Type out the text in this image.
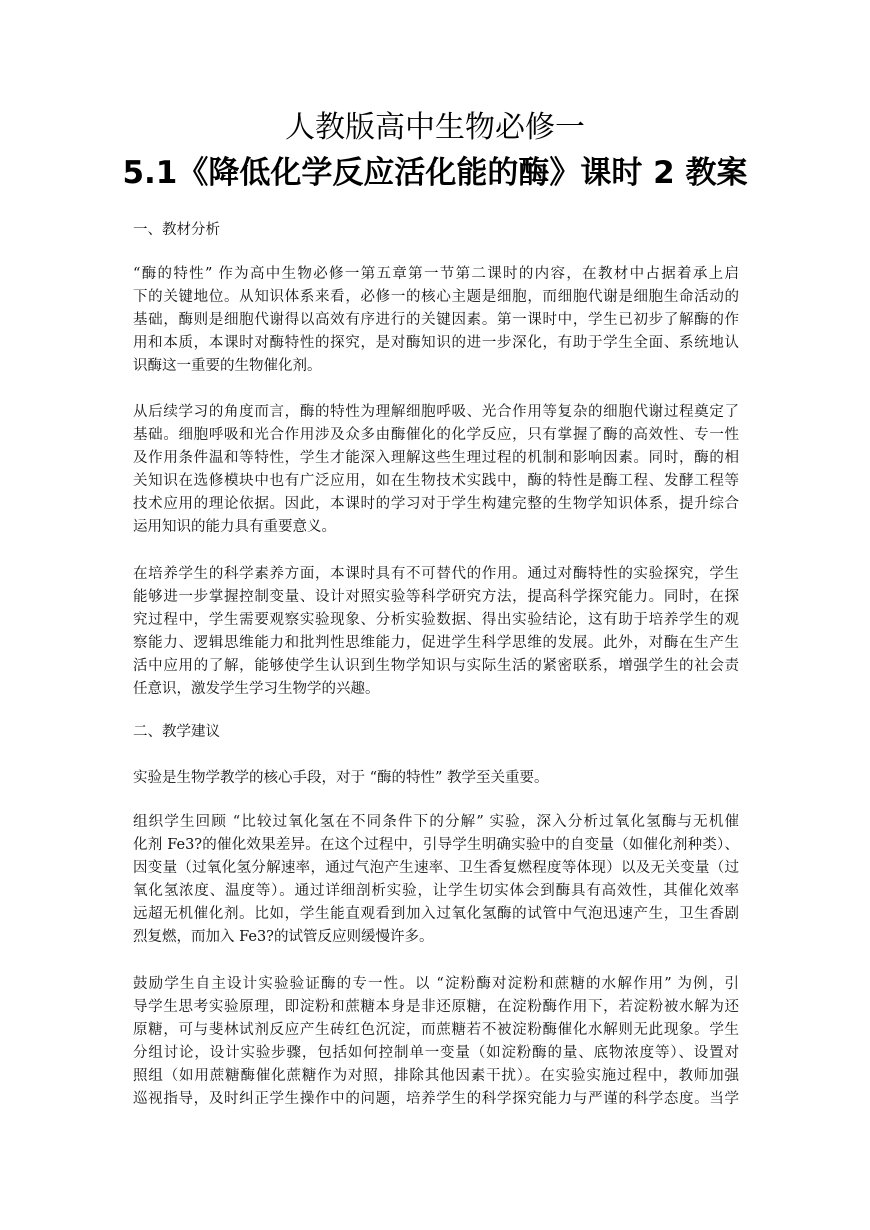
人教版高中生物必修一
5.1《降低化学反应活化能的酶》课时 2 教案
一、教材分析
“酶的特性” 作为高中生物必修一第五章第一节第二课时的内容，在教材中占据着承上启
下的关键地位。从知识体系来看，必修一的核心主题是细胞，而细胞代谢是细胞生命活动的
基础，酶则是细胞代谢得以高效有序进行的关键因素。第一课时中，学生已初步了解酶的作
用和本质，本课时对酶特性的探究，是对酶知识的进一步深化，有助于学生全面、系统地认
识酶这一重要的生物催化剂。
从后续学习的角度而言，酶的特性为理解细胞呼吸、光合作用等复杂的细胞代谢过程奠定了
基础。细胞呼吸和光合作用涉及众多由酶催化的化学反应，只有掌握了酶的高效性、专一性
及作用条件温和等特性，学生才能深入理解这些生理过程的机制和影响因素。同时，酶的相
关知识在选修模块中也有广泛应用，如在生物技术实践中，酶的特性是酶工程、发酵工程等
技术应用的理论依据。因此，本课时的学习对于学生构建完整的生物学知识体系，提升综合
运用知识的能力具有重要意义。
在培养学生的科学素养方面，本课时具有不可替代的作用。通过对酶特性的实验探究，学生
能够进一步掌握控制变量、设计对照实验等科学研究方法，提高科学探究能力。同时，在探
究过程中，学生需要观察实验现象、分析实验数据、得出实验结论，这有助于培养学生的观
察能力、逻辑思维能力和批判性思维能力，促进学生科学思维的发展。此外，对酶在生产生
活中应用的了解，能够使学生认识到生物学知识与实际生活的紧密联系，增强学生的社会责
任意识，激发学生学习生物学的兴趣。
二、教学建议
实验是生物学教学的核心手段，对于 “酶的特性” 教学至关重要。
组织学生回顾 “比较过氧化氢在不同条件下的分解” 实验，深入分析过氧化氢酶与无机催
化剂 Fe3?的催化效果差异。在这个过程中，引导学生明确实验中的自变量（如催化剂种类）、
因变量（过氧化氢分解速率，通过气泡产生速率、卫生香复燃程度等体现）以及无关变量（过
氧化氢浓度、温度等）。通过详细剖析实验，让学生切实体会到酶具有高效性，其催化效率
远超无机催化剂。比如，学生能直观看到加入过氧化氢酶的试管中气泡迅速产生，卫生香剧
烈复燃，而加入 Fe3?的试管反应则缓慢许多。
鼓励学生自主设计实验验证酶的专一性。以 “淀粉酶对淀粉和蔗糖的水解作用” 为例，引
导学生思考实验原理，即淀粉和蔗糖本身是非还原糖，在淀粉酶作用下，若淀粉被水解为还
原糖，可与斐林试剂反应产生砖红色沉淀，而蔗糖若不被淀粉酶催化水解则无此现象。学生
分组讨论，设计实验步骤，包括如何控制单一变量（如淀粉酶的量、底物浓度等）、设置对
照组（如用蔗糖酶催化蔗糖作为对照，排除其他因素干扰）。在实验实施过程中，教师加强
巡视指导，及时纠正学生操作中的问题，培养学生的科学探究能力与严谨的科学态度。当学
